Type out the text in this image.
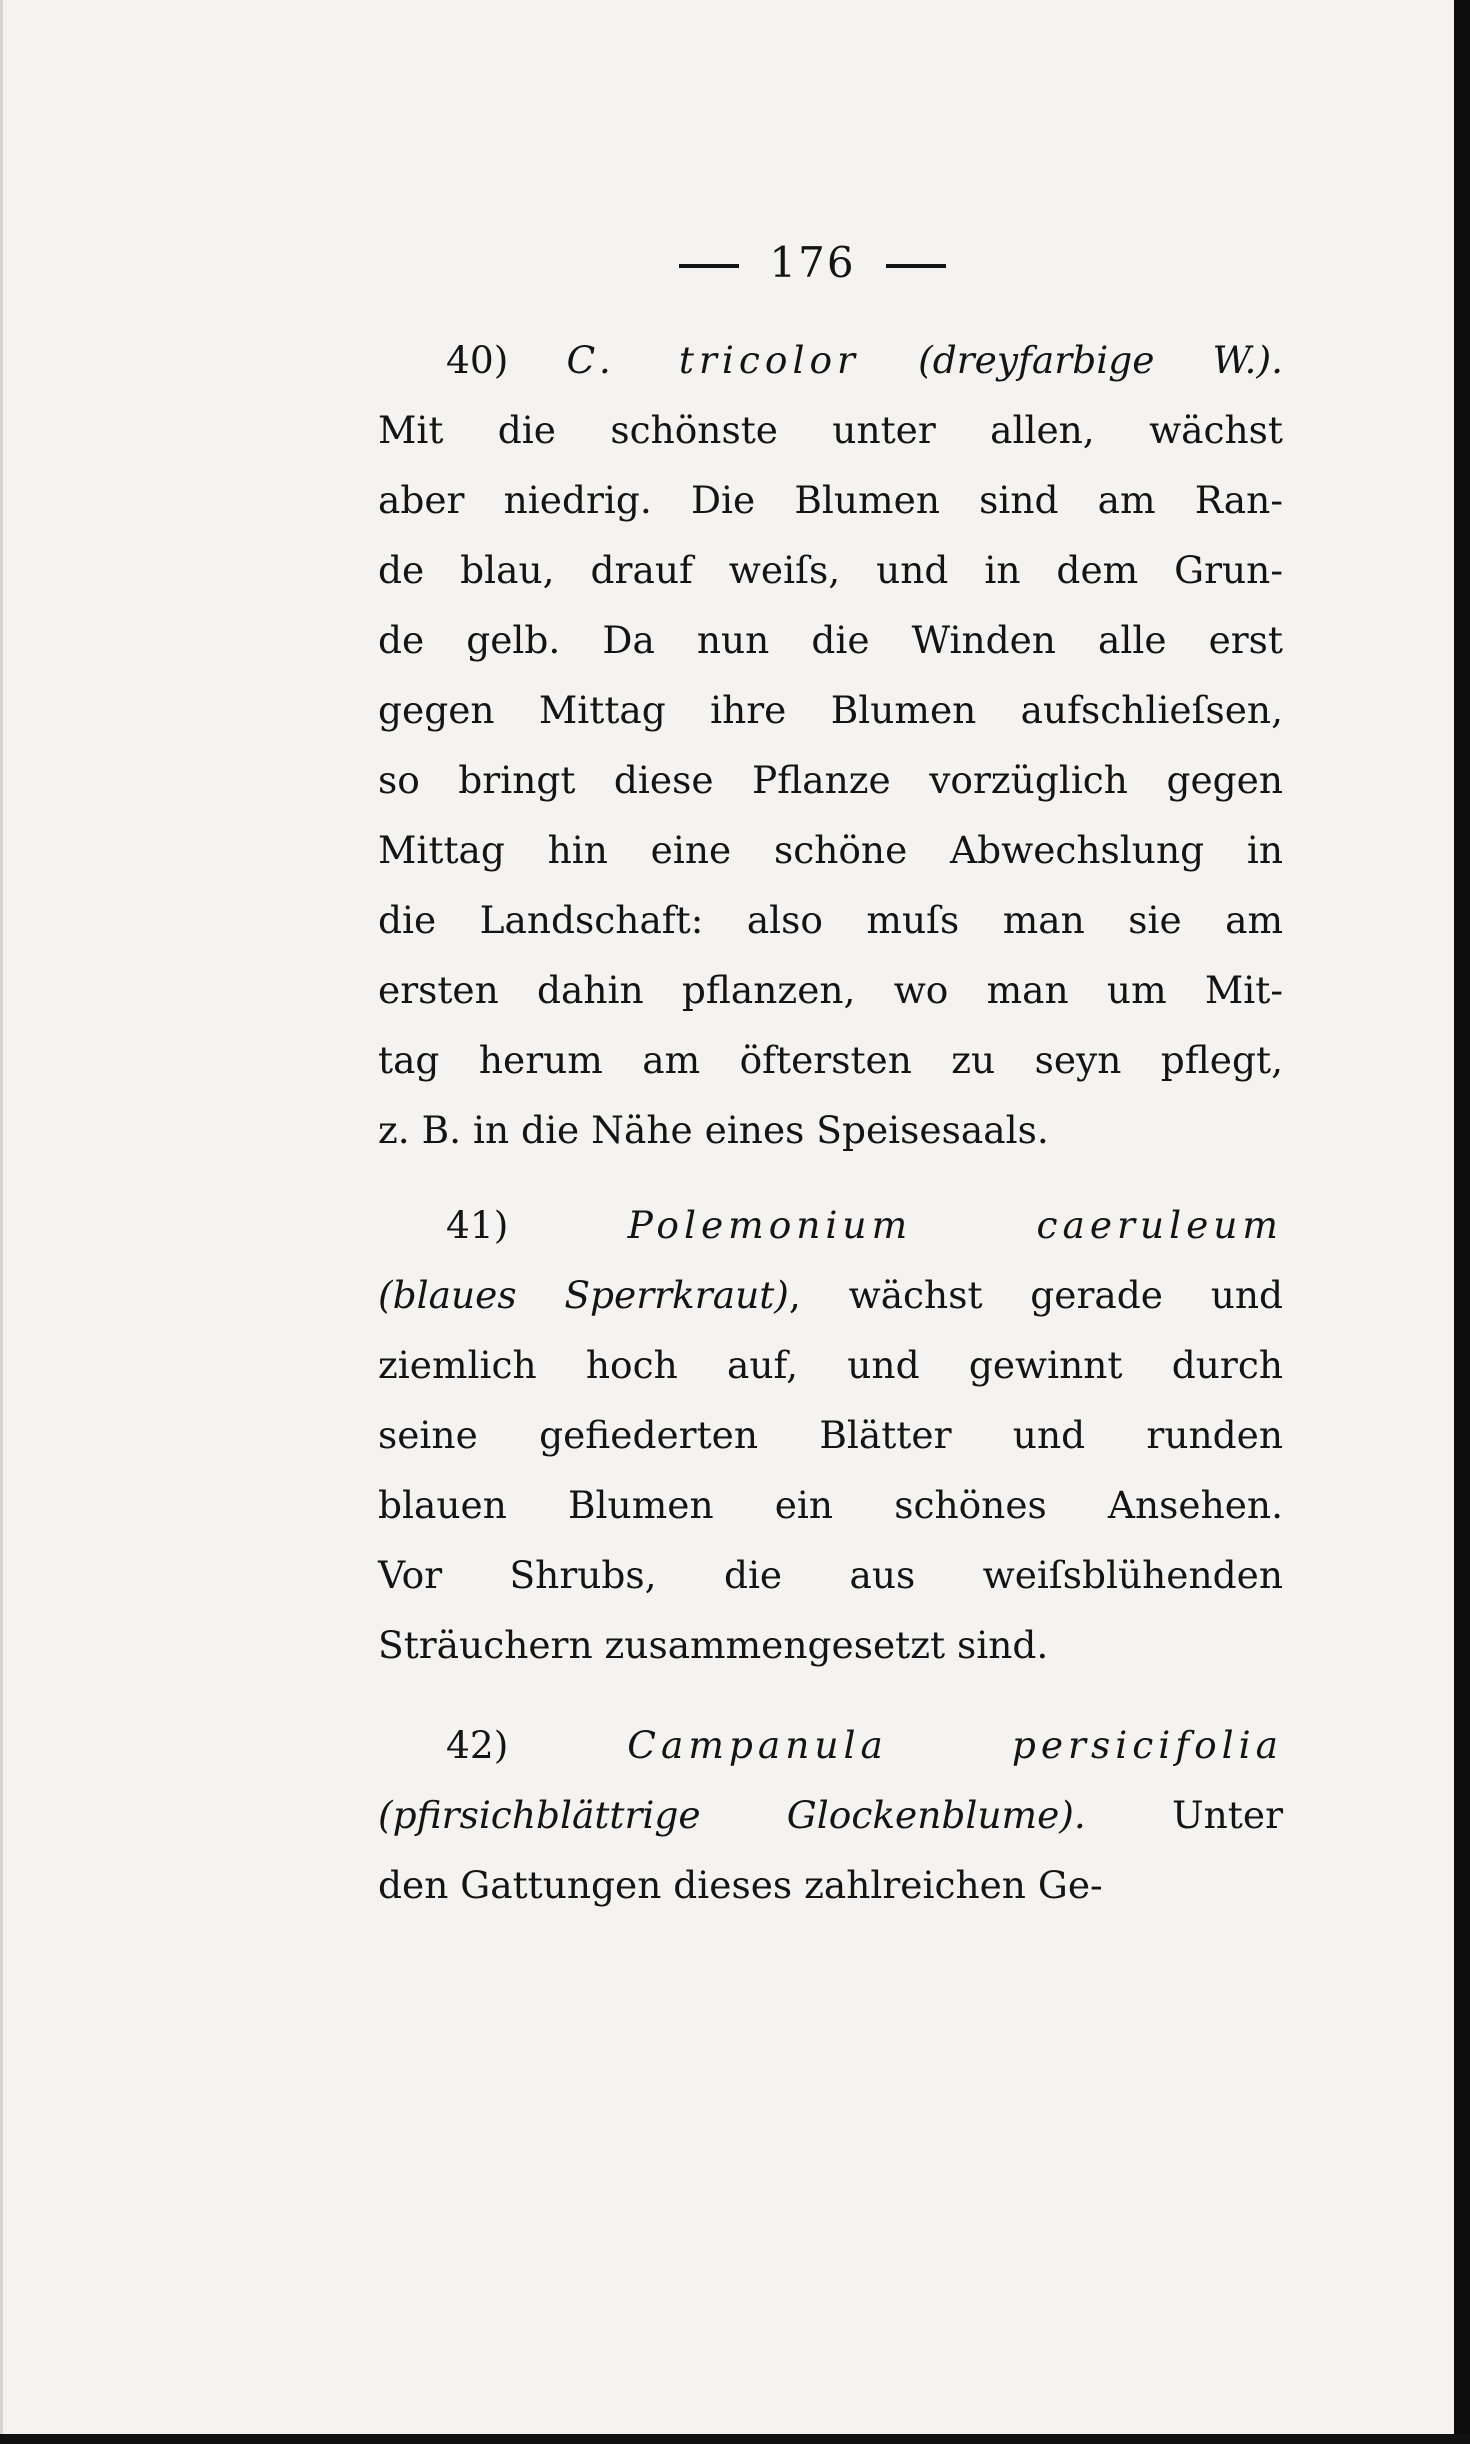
176
40) C. tricolor (dreyfarbige W.).
Mit die schönste unter allen, wächst
aber niedrig. Die Blumen sind am Ran-
de blau, drauf weiſs, und in dem Grun-
de gelb. Da nun die Winden alle erst
gegen Mittag ihre Blumen aufschlieſsen,
so bringt diese Pflanze vorzüglich gegen
Mittag hin eine schöne Abwechslung in
die Landschaft: also muſs man sie am
ersten dahin pflanzen, wo man um Mit-
tag herum am öftersten zu seyn pflegt,
z. B. in die Nähe eines Speisesaals.
41) Polemonium caeruleum
(blaues Sperrkraut), wächst gerade und
ziemlich hoch auf, und gewinnt durch
seine gefiederten Blätter und runden
blauen Blumen ein schönes Ansehen.
Vor Shrubs, die aus weiſsblühenden
Sträuchern zusammengesetzt sind.
42) Campanula persicifolia
(pfirsichblättrige Glockenblume). Unter
den Gattungen dieses zahlreichen Ge-
